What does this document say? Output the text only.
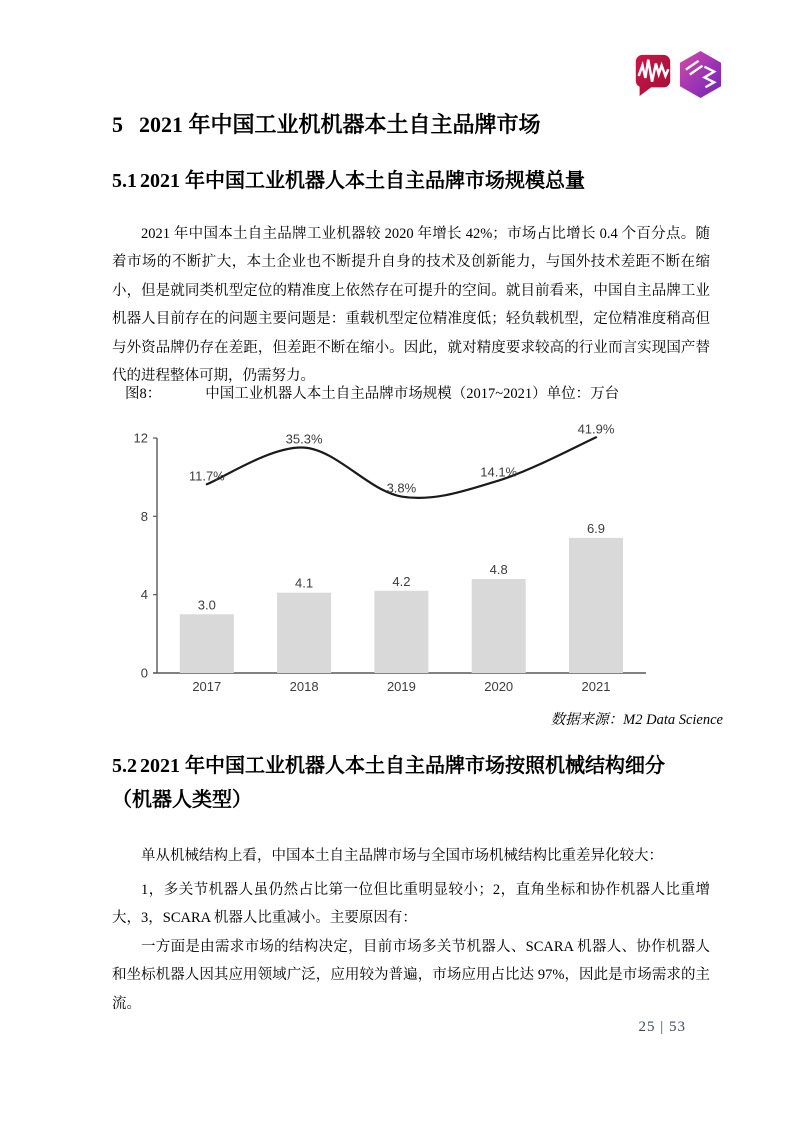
5 2021 年中国工业机机器本土自主品牌市场
5.1 2021 年中国工业机器人本土自主品牌市场规模总量

2021 年中国本土自主品牌工业机器较 2020 年增长 42%；市场占比增长 0.4 个百分点。随着市场的不断扩大，本土企业也不断提升自身的技术及创新能力，与国外技术差距不断在缩小，但是就同类机型定位的精准度上依然存在可提升的空间。就目前看来，中国自主品牌工业机器人目前存在的问题主要问题是：重载机型定位精准度低；轻负载机型，定位精准度稍高但与外资品牌仍存在差距，但差距不断在缩小。因此，就对精度要求较高的行业而言实现国产替代的进程整体可期，仍需努力。

图8：	中国工业机器人本土自主品牌市场规模（2017~2021）单位：万台
0
4
8
12
3.0
2017
4.1
2018
4.2
2019
4.8
2020
6.9
2021
11.7%
35.3%
3.8%
14.1%
41.9%
数据来源：M2 Data Science
5.2 2021 年中国工业机器人本土自主品牌市场按照机械结构细分
（机器人类型）

单从机械结构上看，中国本土自主品牌市场与全国市场机械结构比重差异化较大：

1，多关节机器人虽仍然占比第一位但比重明显较小；2，直角坐标和协作机器人比重增大，3，SCARA 机器人比重减小。主要原因有：

一方面是由需求市场的结构决定，目前市场多关节机器人、SCARA 机器人、协作机器人和坐标机器人因其应用领域广泛，应用较为普遍，市场应用占比达 97%，因此是市场需求的主流。

25 | 53
